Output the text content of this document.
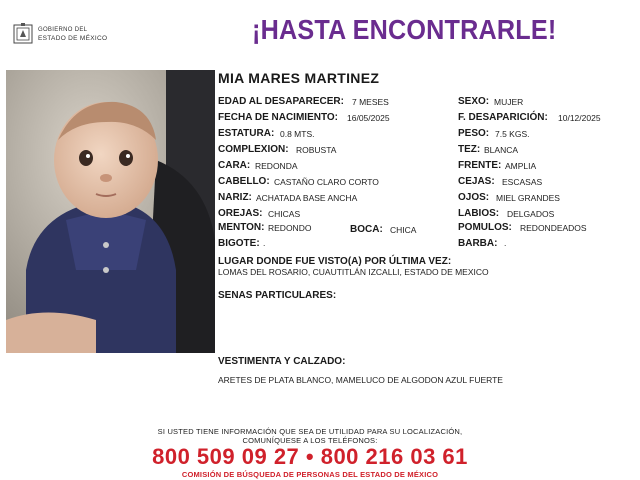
GOBIERNO DEL
ESTADO DE MÉXICO	¡HASTA ENCONTRARLE!
MIA MARES MARTINEZ
EDAD AL DESAPARECER: 7 MESES
FECHA DE NACIMIENTO: 16/05/2025
ESTATURA: 0.8 MTS.
COMPLEXION: ROBUSTA
CARA: REDONDA
CABELLO: CASTAÑO CLARO CORTO
NARIZ: ACHATADA BASE ANCHA
OREJAS: CHICAS
MENTON: REDONDO	BOCA: CHICA
BIGOTE: .
SEXO: MUJER
F. DESAPARICIÓN: 10/12/2025
PESO: 7.5 KGS.
TEZ: BLANCA
FRENTE: AMPLIA
CEJAS: ESCASAS
OJOS: MIEL GRANDES
LABIOS: DELGADOS
POMULOS: REDONDEADOS
BARBA: .
LUGAR DONDE FUE VISTO(A) POR ÚLTIMA VEZ:
LOMAS DEL ROSARIO, CUAUTITLÁN IZCALLI, ESTADO DE MEXICO
SENAS PARTICULARES:
VESTIMENTA Y CALZADO:
ARETES DE PLATA BLANCO, MAMELUCO DE ALGODON AZUL FUERTE
SI USTED TIENE INFORMACIÓN QUE SEA DE UTILIDAD PARA SU LOCALIZACIÓN,
COMUNÍQUESE A LOS TELÉFONOS:
800 509 09 27 • 800 216 03 61
COMISIÓN DE BÚSQUEDA DE PERSONAS DEL ESTADO DE MÉXICO
